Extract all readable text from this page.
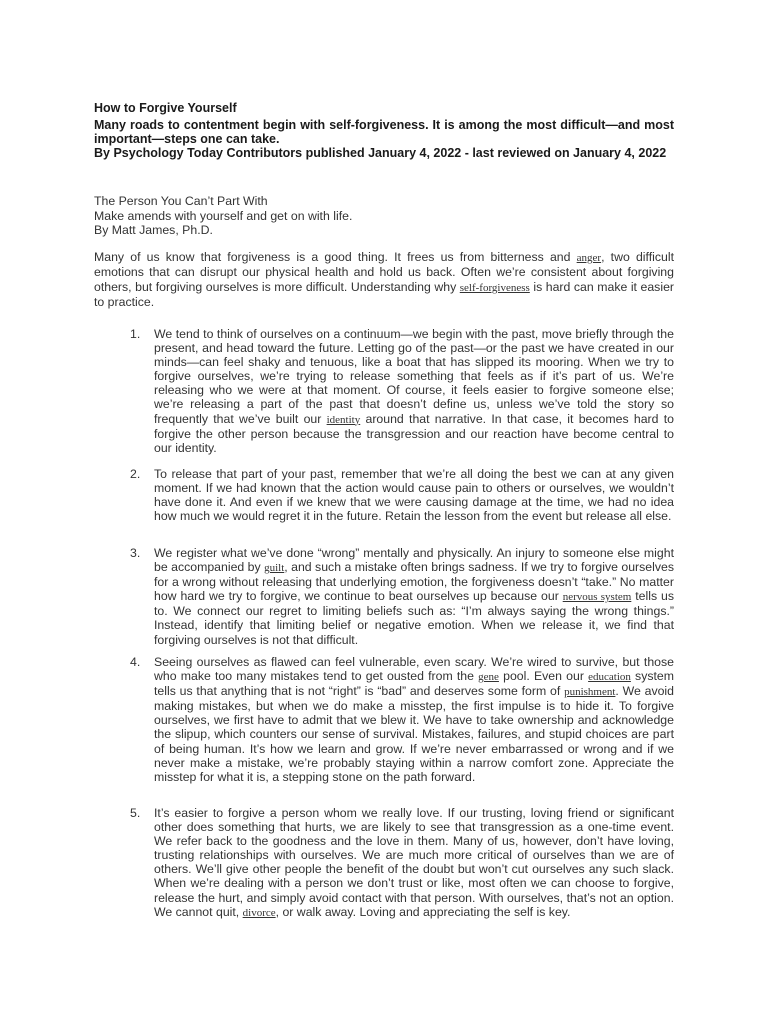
How to Forgive Yourself

Many roads to contentment begin with self-forgiveness. It is among the most difficult—and most important—steps one can take.

By Psychology Today Contributors published January 4, 2022 - last reviewed on January 4, 2022

The Person You Can’t Part With
Make amends with yourself and get on with life.
By Matt James, Ph.D.

Many of us know that forgiveness is a good thing. It frees us from bitterness and anger, two difficult emotions that can disrupt our physical health and hold us back. Often we’re consistent about forgiving others, but forgiving ourselves is more difficult. Understanding why self-forgiveness is hard can make it easier to practice.

1.	We tend to think of ourselves on a continuum—we begin with the past, move briefly through the present, and head toward the future. Letting go of the past—or the past we have created in our minds—can feel shaky and tenuous, like a boat that has slipped its mooring. When we try to forgive ourselves, we’re trying to release something that feels as if it’s part of us. We’re releasing who we were at that moment. Of course, it feels easier to forgive someone else; we’re releasing a part of the past that doesn’t define us, unless we’ve told the story so frequently that we’ve built our identity around that narrative. In that case, it becomes hard to forgive the other person because the transgression and our reaction have become central to our identity.
2.	To release that part of your past, remember that we’re all doing the best we can at any given moment. If we had known that the action would cause pain to others or ourselves, we wouldn’t have done it. And even if we knew that we were causing damage at the time, we had no idea how much we would regret it in the future. Retain the lesson from the event but release all else.
3.	We register what we’ve done “wrong” mentally and physically. An injury to someone else might be accompanied by guilt, and such a mistake often brings sadness. If we try to forgive ourselves for a wrong without releasing that underlying emotion, the forgiveness doesn’t “take.” No matter how hard we try to forgive, we continue to beat ourselves up because our nervous system tells us to. We connect our regret to limiting beliefs such as: “I’m always saying the wrong things.” Instead, identify that limiting belief or negative emotion. When we release it, we find that forgiving ourselves is not that difficult.
4.	Seeing ourselves as flawed can feel vulnerable, even scary. We’re wired to survive, but those who make too many mistakes tend to get ousted from the gene pool. Even our education system tells us that anything that is not “right” is “bad” and deserves some form of punishment. We avoid making mistakes, but when we do make a misstep, the first impulse is to hide it. To forgive ourselves, we first have to admit that we blew it. We have to take ownership and acknowledge the slipup, which counters our sense of survival. Mistakes, failures, and stupid choices are part of being human. It’s how we learn and grow. If we’re never embarrassed or wrong and if we never make a mistake, we’re probably staying within a narrow comfort zone. Appreciate the misstep for what it is, a stepping stone on the path forward.
5.	It’s easier to forgive a person whom we really love. If our trusting, loving friend or significant other does something that hurts, we are likely to see that transgression as a one-time event. We refer back to the goodness and the love in them. Many of us, however, don’t have loving, trusting relationships with ourselves. We are much more critical of ourselves than we are of others. We’ll give other people the benefit of the doubt but won’t cut ourselves any such slack. When we’re dealing with a person we don’t trust or like, most often we can choose to forgive, release the hurt, and simply avoid contact with that person. With ourselves, that’s not an option. We cannot quit, divorce, or walk away. Loving and appreciating the self is key.
